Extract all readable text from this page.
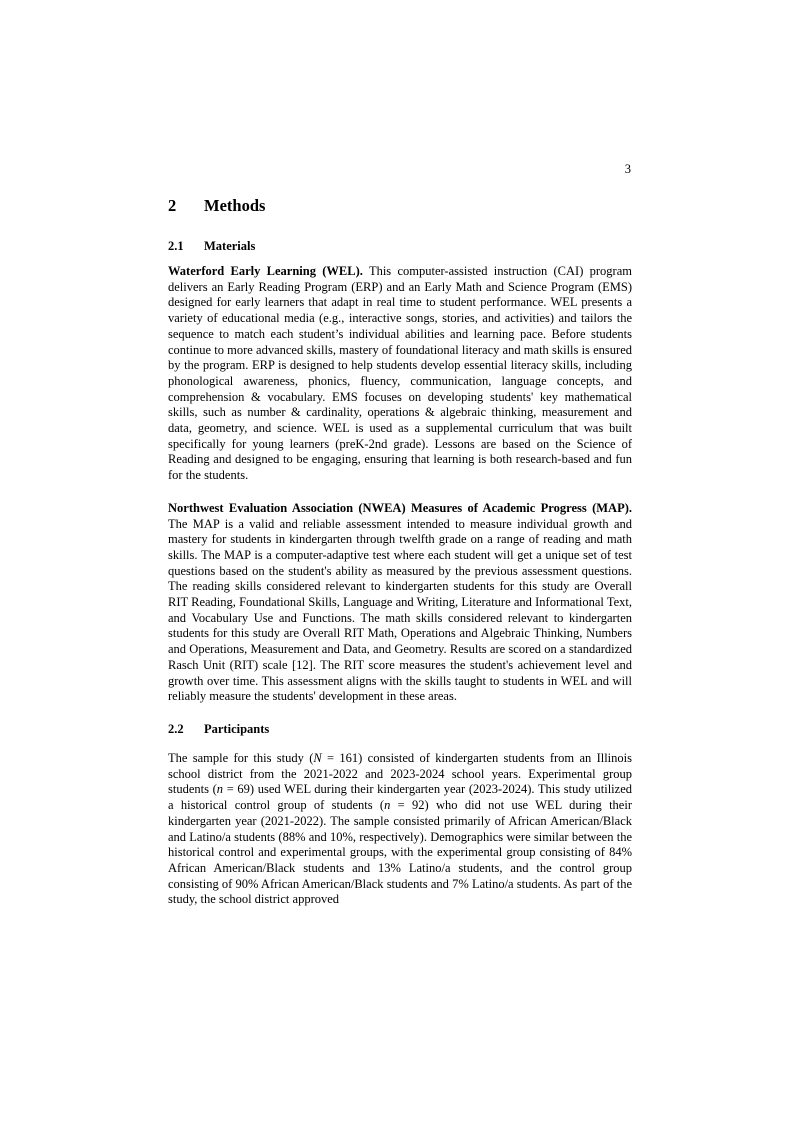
3
2	Methods
2.1	Materials

Waterford Early Learning (WEL). This computer-assisted instruction (CAI) program delivers an Early Reading Program (ERP) and an Early Math and Science Program (EMS) designed for early learners that adapt in real time to student performance. WEL presents a variety of educational media (e.g., interactive songs, stories, and activities) and tailors the sequence to match each student’s individual abilities and learning pace. Before students continue to more advanced skills, mastery of foundational literacy and math skills is ensured by the program. ERP is designed to help students develop essential literacy skills, including phonological awareness, phonics, fluency, communication, language concepts, and comprehension & vocabulary. EMS focuses on developing students' key mathematical skills, such as number & cardinality, operations & algebraic thinking, measurement and data, geometry, and science. WEL is used as a supplemental curriculum that was built specifically for young learners (preK-2nd grade). Lessons are based on the Science of Reading and designed to be engaging, ensuring that learning is both research-based and fun for the students.

Northwest Evaluation Association (NWEA) Measures of Academic Progress (MAP). The MAP is a valid and reliable assessment intended to measure individual growth and mastery for students in kindergarten through twelfth grade on a range of reading and math skills. The MAP is a computer-adaptive test where each student will get a unique set of test questions based on the student's ability as measured by the previous assessment questions. The reading skills considered relevant to kindergarten students for this study are Overall RIT Reading, Foundational Skills, Language and Writing, Literature and Informational Text, and Vocabulary Use and Functions. The math skills considered relevant to kindergarten students for this study are Overall RIT Math, Operations and Algebraic Thinking, Numbers and Operations, Measurement and Data, and Geometry. Results are scored on a standardized Rasch Unit (RIT) scale [12]. The RIT score measures the student's achievement level and growth over time. This assessment aligns with the skills taught to students in WEL and will reliably measure the students' development in these areas.

2.2	Participants

The sample for this study (N = 161) consisted of kindergarten students from an Illinois school district from the 2021-2022 and 2023-2024 school years. Experimental group students (n = 69) used WEL during their kindergarten year (2023-2024). This study utilized a historical control group of students (n = 92) who did not use WEL during their kindergarten year (2021-2022). The sample consisted primarily of African American/Black and Latino/a students (88% and 10%, respectively). Demographics were similar between the historical control and experimental groups, with the experimental group consisting of 84% African American/Black students and 13% Latino/a students, and the control group consisting of 90% African American/Black students and 7% Latino/a students. As part of the study, the school district approved
